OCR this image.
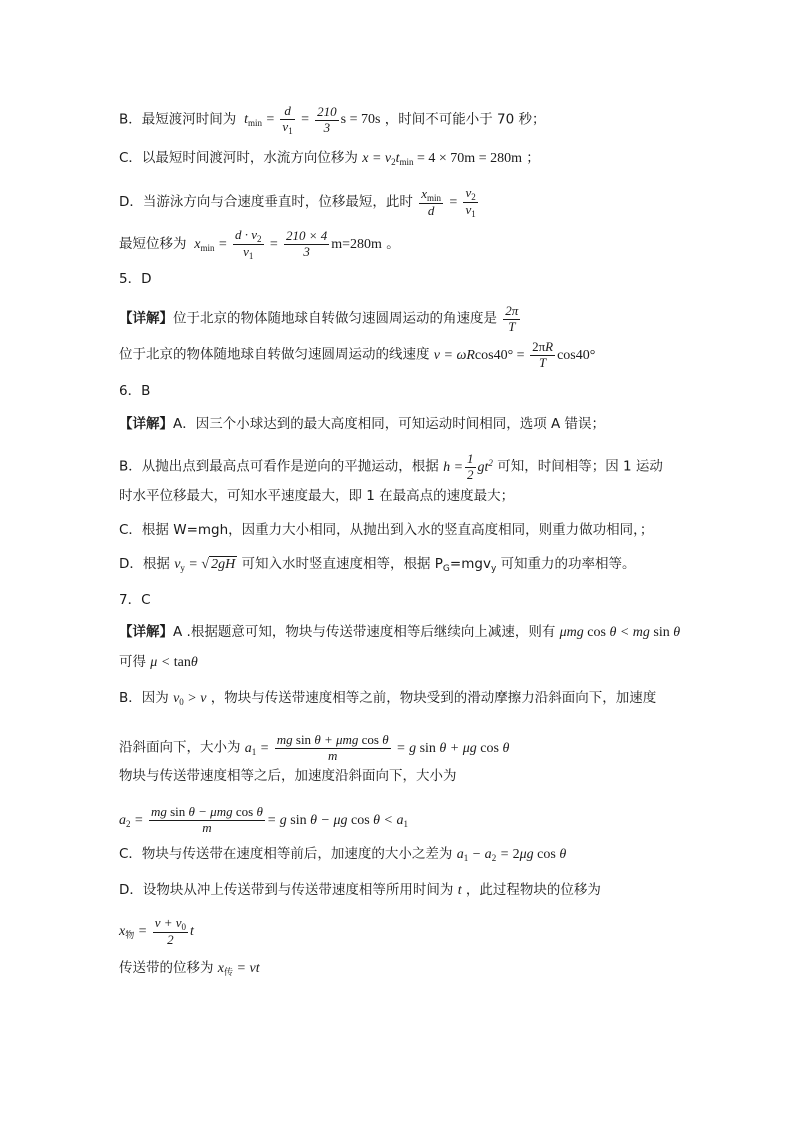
B．最短渡河时间为  $t_{min} = \frac{d}{v_1} = \frac{210}{3}$ s = 70s ，时间不可能小于 70 秒；
C．以最短时间渡河时，水流方向位移为 $x = v_2t_{min} = 4 \times 70m = 280m$ ；
D．当游泳方向与合速度垂直时，位移最短，此时
$x_{min}$
d
= $\frac{v_2}{v_1}$
最短位移为  $x_{min} = \frac{d \cdot v_2}{v_1} = \frac{210 \times 4}{3} m=280m$ 。
5．D
【详解】位于北京的物体随地球自转做匀速圆周运动的角速度是 $\frac{2\pi}{T}$
位于北京的物体随地球自转做匀速圆周运动的线速度 $v = \omega Rcos40^\circ = \frac{2\pi R}{T} \cos 40^\circ$
6．B
【详解】A．因三个小球达到的最大高度相同，可知运动时间相同，选项 A 错误；
B．从抛出点到最高点可看作是逆向的平抛运动，根据 $h = \frac{1}{2} gt^2$ 可知，时间相等；因 1 运动
时水平位移最大，可知水平速度最大，即 1 在最高点的速度最大；
C．根据 W=mgh，因重力大小相同，从抛出到入水的竖直高度相同，则重力做功相同，；
D．根据 $v_y$ = √ 2gH 可知入水时竖直速度相等，根据 $P_G=mgv_y$ 可知重力的功率相等。
7．C
【详解】A .根据题意可知，物块与传送带速度相等后继续向上减速，则有 μmg cos θ < mg sin θ
可得 μ < tanθ
B．因为 $v_0 > v$ ，物块与传送带速度相等之前，物块受到的滑动摩擦力沿斜面向下，加速度
沿斜面向下，大小为 $a_1$ =
mg sin θ + μmg cos θ
m	= g sin θ + μg cos θ
物块与传送带速度相等之后，加速度沿斜面向下，大小为
$a_2$ =
mg sin θ − μmg cos θ
m	= g sin θ − μg $\cos \theta < a_1$
C．物块与传送带在速度相等前后，加速度的大小之差为 $a_1 - a_2 = 2\mu g$ cos θ
D．设物块从冲上传送带到与传送带速度相等所用时间为 t ，此过程物块的位移为
$x_物 = \frac{v + v_0}{2}$ t
传送带的位移为 $x_传$ = vt
